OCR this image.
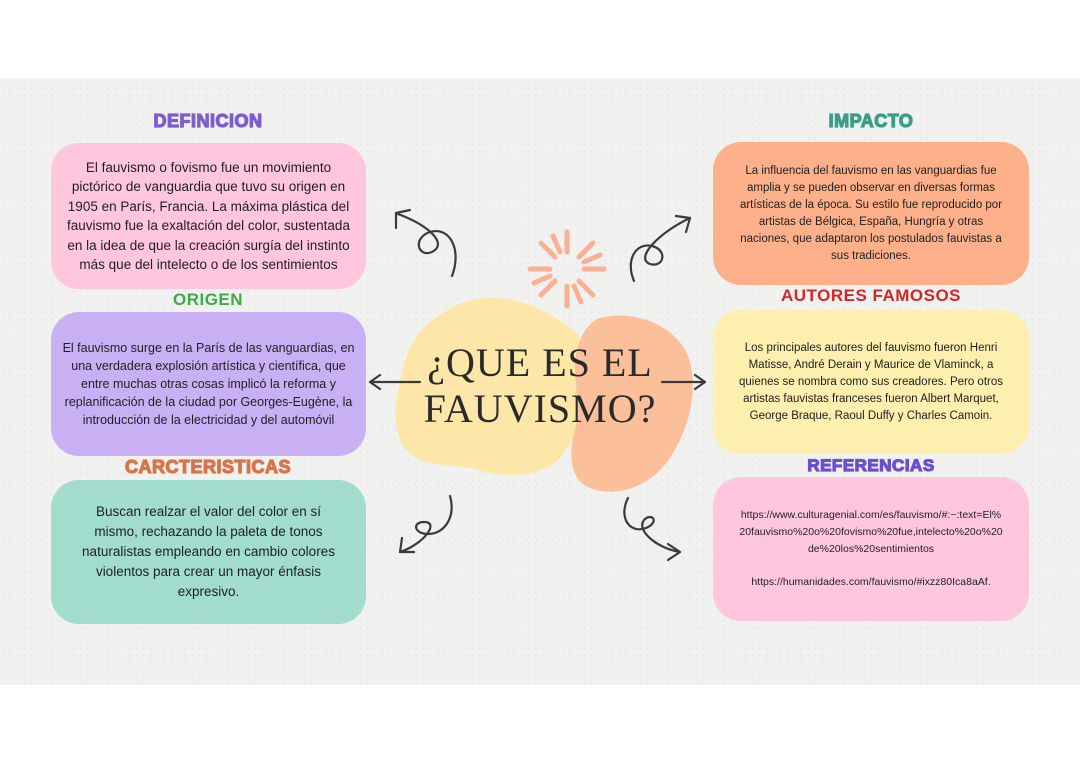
¿QUE ES EL FAUVISMO?
DEFINICION

El fauvismo o fovismo fue un movimiento pictórico de vanguardia que tuvo su origen en 1905 en París, Francia. La máxima plástica del fauvismo fue la exaltación del color, sustentada en la idea de que la creación surgía del instinto más que del intelecto o de los sentimientos

ORIGEN

El fauvismo surge en la París de las vanguardias, en una verdadera explosión artística y científica, que entre muchas otras cosas implicó la reforma y replanificación de la ciudad por Georges-Eugène, la introducción de la electricidad y del automóvil

CARCTERISTICAS

Buscan realzar el valor del color en sí mismo, rechazando la paleta de tonos naturalistas empleando en cambio colores violentos para crear un mayor énfasis expresivo.

IMPACTO

La influencia del fauvismo en las vanguardias fue amplia y se pueden observar en diversas formas artísticas de la época. Su estilo fue reproducido por artistas de Bélgica, España, Hungría y otras naciones, que adaptaron los postulados fauvistas a sus tradiciones.

AUTORES FAMOSOS

Los principales autores del fauvismo fueron Henri Matisse, André Derain y Maurice de Vlaminck, a quienes se nombra como sus creadores. Pero otros artistas fauvistas franceses fueron Albert Marquet, George Braque, Raoul Duffy y Charles Camoin.

REFERENCIAS

https://www.culturagenial.com/es/fauvismo/#:~:text=El%20fauvismo%20o%20fovismo%20fue,intelecto%20o%20de%20los%20sentimientos

https://humanidades.com/fauvismo/#ixzz80Ica8aAf.
